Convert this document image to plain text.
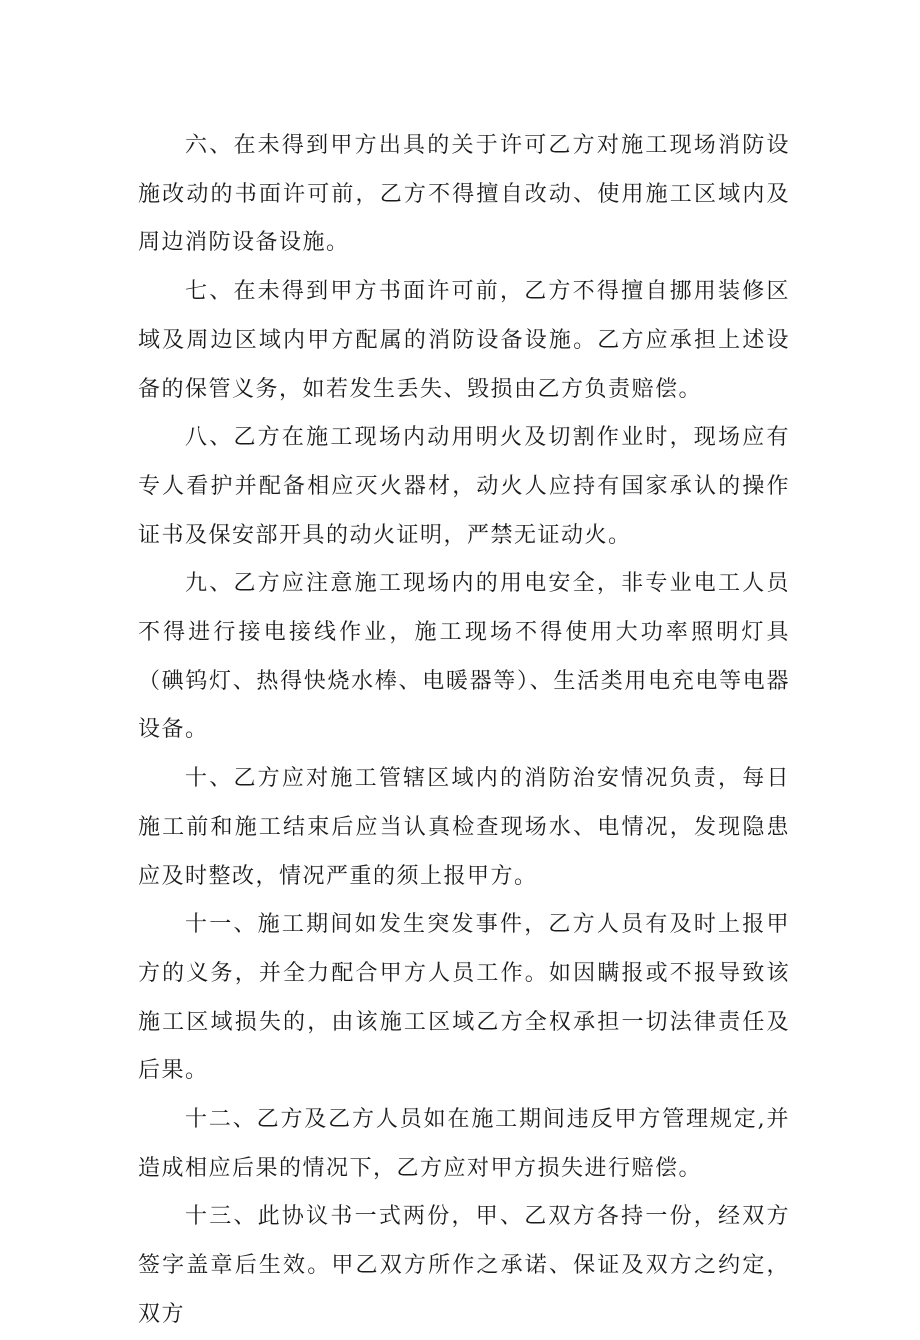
六、在未得到甲方出具的关于许可乙方对施工现场消防设施改动的书面许可前，乙方不得擅自改动、使用施工区域内及周边消防设备设施。

七、在未得到甲方书面许可前，乙方不得擅自挪用装修区域及周边区域内甲方配属的消防设备设施。乙方应承担上述设备的保管义务，如若发生丢失、毁损由乙方负责赔偿。

八、乙方在施工现场内动用明火及切割作业时，现场应有专人看护并配备相应灭火器材，动火人应持有国家承认的操作证书及保安部开具的动火证明，严禁无证动火。

九、乙方应注意施工现场内的用电安全，非专业电工人员不得进行接电接线作业，施工现场不得使用大功率照明灯具（碘钨灯、热得快烧水棒、电暖器等）、生活类用电充电等电器设备。

十、乙方应对施工管辖区域内的消防治安情况负责，每日施工前和施工结束后应当认真检查现场水、电情况，发现隐患应及时整改，情况严重的须上报甲方。

十一、施工期间如发生突发事件，乙方人员有及时上报甲方的义务，并全力配合甲方人员工作。如因瞒报或不报导致该施工区域损失的，由该施工区域乙方全权承担一切法律责任及后果。

十二、乙方及乙方人员如在施工期间违反甲方管理规定,并造成相应后果的情况下，乙方应对甲方损失进行赔偿。

十三、此协议书一式两份，甲、乙双方各持一份，经双方签字盖章后生效。甲乙双方所作之承诺、保证及双方之约定，双方
